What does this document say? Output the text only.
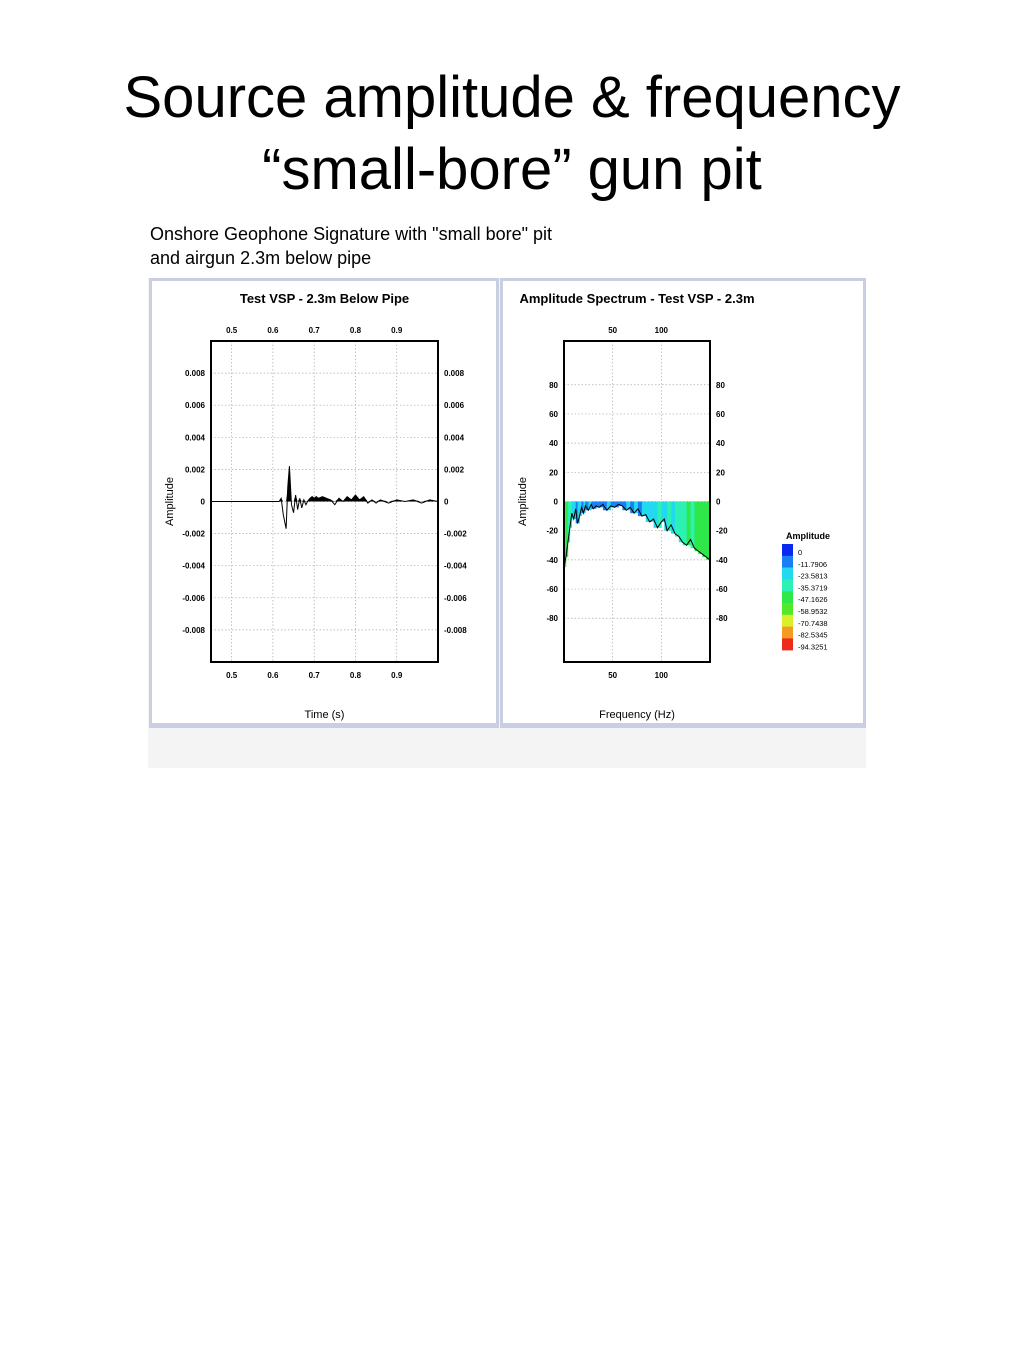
Source amplitude & frequency
“small-bore” gun pit
Onshore Geophone Signature with "small bore" pit
and airgun 2.3m below pipe
Test VSP - 2.3m Below Pipe
Time (s)
Amplitude
0.5
0.5
0.6
0.6
0.7
0.7
0.8
0.8
0.9
0.9
0.008	0.008
0.006	0.006
0.004	0.004
0.002	0.002
0	0
-0.002	-0.002
-0.004	-0.004
-0.006	-0.006
-0.008	-0.008
Amplitude Spectrum - Test VSP - 2.3m
Frequency (Hz)
Amplitude
50
50
100
100
80	80
60	60
40	40
20	20
0	0
-20	-20
-40	-40
-60	-60
-80	-80
Amplitude
0
-11.7906
-23.5813
-35.3719
-47.1626
-58.9532
-70.7438
-82.5345
-94.3251
